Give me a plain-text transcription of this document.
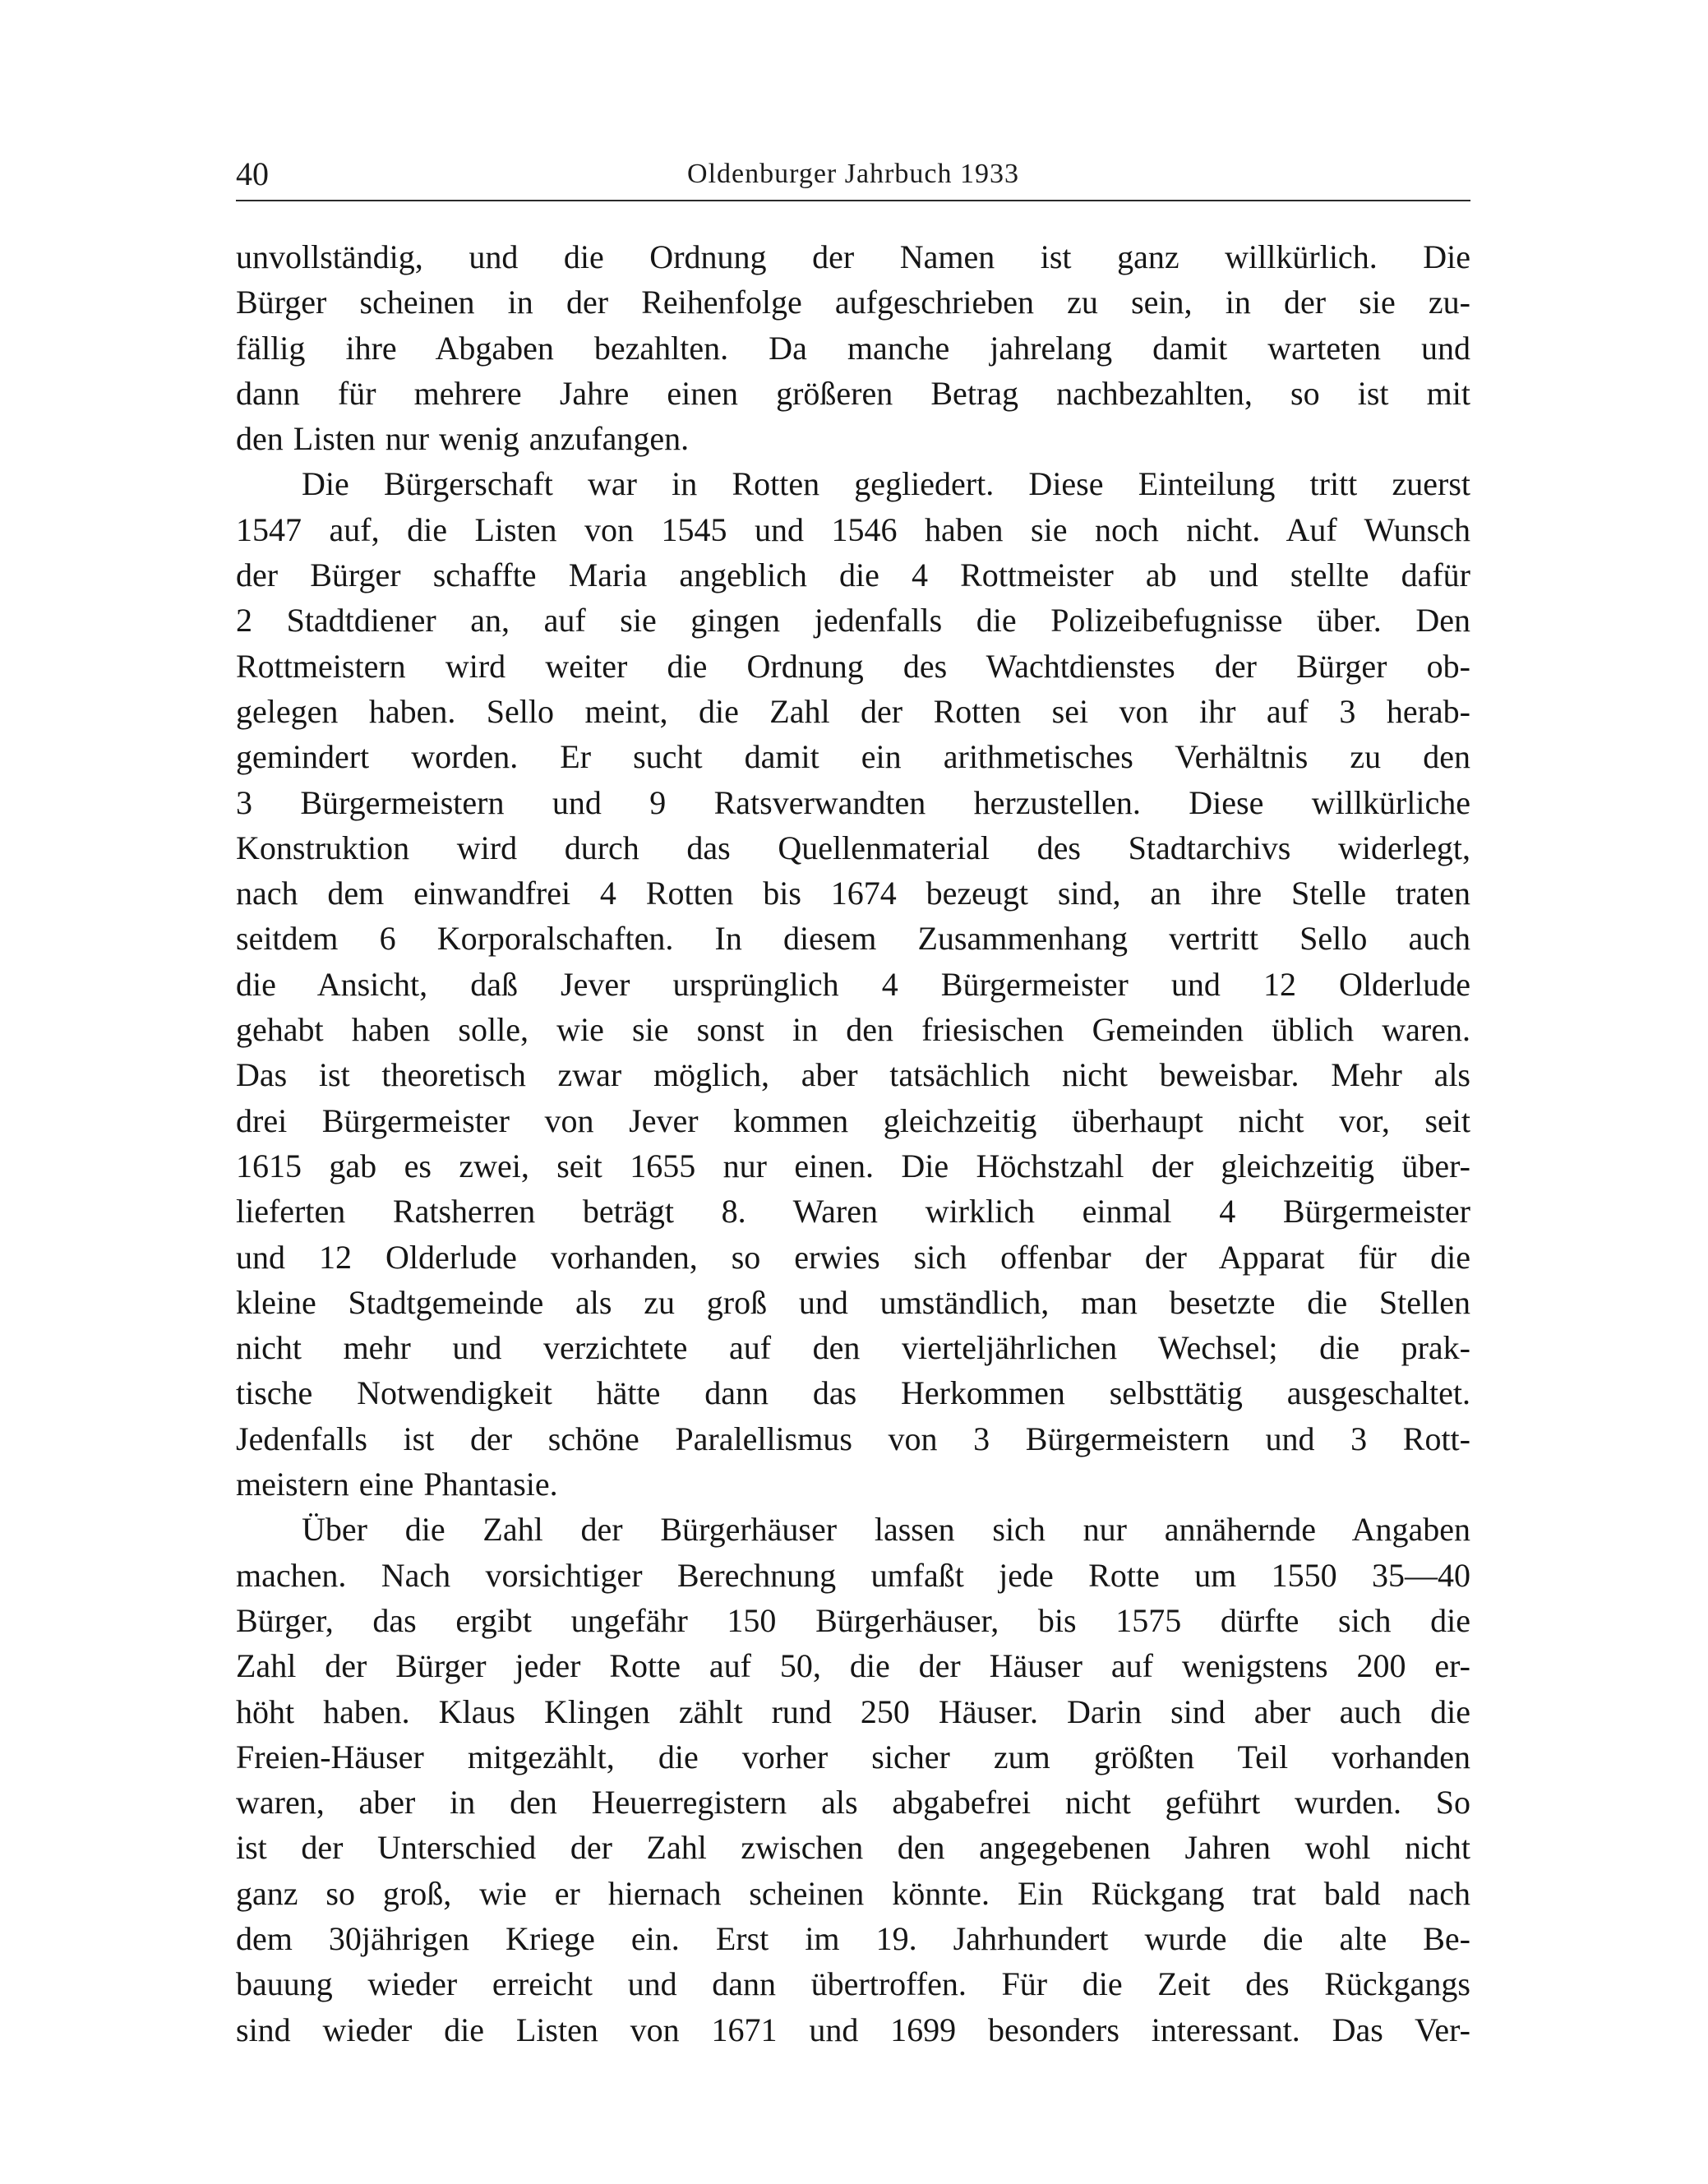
40	Oldenburger Jahrbuch 1933

unvollständig, und die Ordnung der Namen ist ganz willkürlich. Die
Bürger scheinen in der Reihenfolge aufgeschrieben zu sein, in der sie zu-
fällig ihre Abgaben bezahlten. Da manche jahrelang damit warteten und
dann für mehrere Jahre einen größeren Betrag nachbezahlten, so ist mit
den Listen nur wenig anzufangen.

Die Bürgerschaft war in Rotten gegliedert. Diese Einteilung tritt zuerst
1547 auf, die Listen von 1545 und 1546 haben sie noch nicht. Auf Wunsch
der Bürger schaffte Maria angeblich die 4 Rottmeister ab und stellte dafür
2 Stadtdiener an, auf sie gingen jedenfalls die Polizeibefugnisse über. Den
Rottmeistern wird weiter die Ordnung des Wachtdienstes der Bürger ob-
gelegen haben. Sello meint, die Zahl der Rotten sei von ihr auf 3 herab-
gemindert worden. Er sucht damit ein arithmetisches Verhältnis zu den
3 Bürgermeistern und 9 Ratsverwandten herzustellen. Diese willkürliche
Konstruktion wird durch das Quellenmaterial des Stadtarchivs widerlegt,
nach dem einwandfrei 4 Rotten bis 1674 bezeugt sind, an ihre Stelle traten
seitdem 6 Korporalschaften. In diesem Zusammenhang vertritt Sello auch
die Ansicht, daß Jever ursprünglich 4 Bürgermeister und 12 Olderlude
gehabt haben solle, wie sie sonst in den friesischen Gemeinden üblich waren.
Das ist theoretisch zwar möglich, aber tatsächlich nicht beweisbar. Mehr als
drei Bürgermeister von Jever kommen gleichzeitig überhaupt nicht vor, seit
1615 gab es zwei, seit 1655 nur einen. Die Höchstzahl der gleichzeitig über-
lieferten Ratsherren beträgt 8. Waren wirklich einmal 4 Bürgermeister
und 12 Olderlude vorhanden, so erwies sich offenbar der Apparat für die
kleine Stadtgemeinde als zu groß und umständlich, man besetzte die Stellen
nicht mehr und verzichtete auf den vierteljährlichen Wechsel; die prak-
tische Notwendigkeit hätte dann das Herkommen selbsttätig ausgeschaltet.
Jedenfalls ist der schöne Paralellismus von 3 Bürgermeistern und 3 Rott-
meistern eine Phantasie.

Über die Zahl der Bürgerhäuser lassen sich nur annähernde Angaben
machen. Nach vorsichtiger Berechnung umfaßt jede Rotte um 1550 35—40
Bürger, das ergibt ungefähr 150 Bürgerhäuser, bis 1575 dürfte sich die
Zahl der Bürger jeder Rotte auf 50, die der Häuser auf wenigstens 200 er-
höht haben. Klaus Klingen zählt rund 250 Häuser. Darin sind aber auch die
Freien-Häuser mitgezählt, die vorher sicher zum größten Teil vorhanden
waren, aber in den Heuerregistern als abgabefrei nicht geführt wurden. So
ist der Unterschied der Zahl zwischen den angegebenen Jahren wohl nicht
ganz so groß, wie er hiernach scheinen könnte. Ein Rückgang trat bald nach
dem 30jährigen Kriege ein. Erst im 19. Jahrhundert wurde die alte Be-
bauung wieder erreicht und dann übertroffen. Für die Zeit des Rückgangs
sind wieder die Listen von 1671 und 1699 besonders interessant. Das Ver-
